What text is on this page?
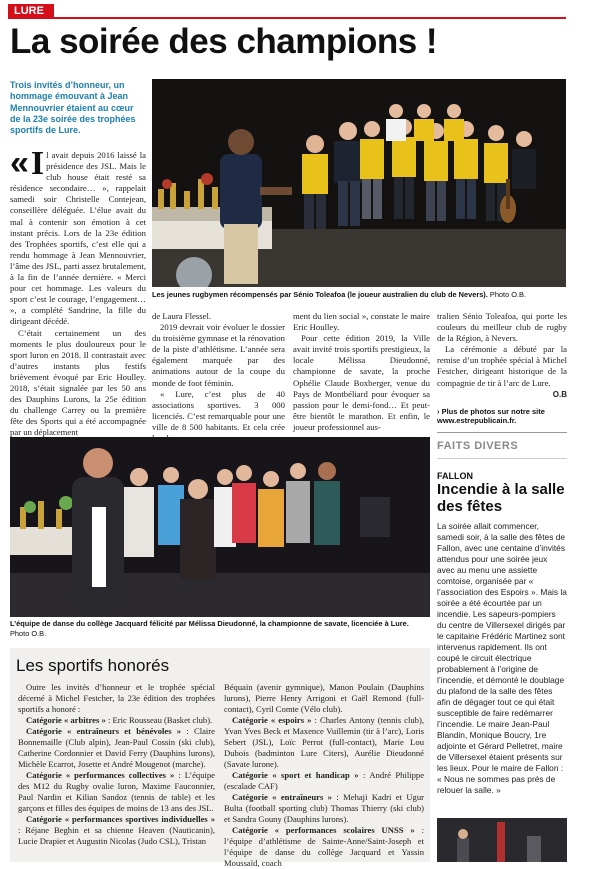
LURE
La soirée des champions !
Trois invités d’honneur, un hommage émouvant à Jean Mennouvrier étaient au cœur de la 23e soirée des trophées sportifs de Lure.
Les jeunes rugbymen récompensés par Sénio Toleafoa (le joueur australien du club de Nevers). Photo O.B.

« I l avait depuis 2016 laissé la présidence des JSL. Mais le club house était resté sa résidence secondaire… », rappelait samedi soir Christelle Contejean, conseillère déléguée. L’élue avait du mal à contenir son émotion à cet instant précis. Lors de la 23e édition des Trophées sportifs, c’est elle qui a rendu hommage à Jean Mennouvrier, l’âme des JSL, parti assez brutalement, à la fin de l’année dernière. « Merci pour cet hommage. Les valeurs du sport c’est le courage, l’engagement… », a complété Sandrine, la fille du dirigeant décédé.

C’était certainement un des moments le plus douloureux pour le sport luron en 2018. Il contrastait avec d’autres instants plus festifs brièvement évoqué par Eric Houlley. 2018, s’était signalée par les 50 ans des Dauphins Lurons, la 25e édition du challenge Carrey ou la première fête des Sports qui a été accompagnée par un déplacement

de Laura Flessel.

2019 devrait voir évoluer le dossier du troisième gymnase et la rénovation de la piste d’athlétisme. L’année sera également marquée par des animations autour de la coupe du monde de foot féminin.

« Lure, c’est plus de 40 associations sportives. 3 000 licenciés. C’est remarquable pour une ville de 8 500 habitants. Et cela crée

ment du lien social », constate le maire Eric Houlley.

Pour cette édition 2019, la Ville avait invité trois sportifs prestigieux, la locale Mélissa Dieudonné, championne de savate, la proche Ophélie Claude Boxberger, venue du Pays de Montbéliard pour évoquer sa passion pour le demi-fond… Et peut-être bientôt le marathon. Et enfin, le joueur professionnel aus-

tralien Sénio Toleafoa, qui porte les couleurs du meilleur club de rugby de la Région, à Nevers.

La cérémonie a débuté par la remise d’un trophée spécial à Michel Festcher, dirigeant historique de la compagnie de tir à l’arc de Lure.

O.B

› Plus de photos sur notre site
www.estrepublicain.fr.
L’équipe de danse du collège Jacquard félicité par Mélissa Dieudonné, la championne de savate, licenciée à Lure. Photo O.B.
FAITS DIVERS
FALLON
Incendie à la salle des fêtes
La soirée allait commencer, samedi soir, à la salle des fêtes de Fallon, avec une centaine d’invités attendus pour une soirée jeux avec au menu une assiette comtoise, organisée par « l’association des Espoirs ». Mais la soirée a été écourtée par un incendie. Les sapeurs-pompiers du centre de Villersexel dirigés par le capitaine Frédéric Martinez sont intervenus rapidement. Ils ont coupé le circuit électrique probablement à l’origine de l’incendie, et démonté le doublage du plafond de la salle des fêtes afin de dégager tout ce qui était susceptible de faire redémarrer l’incendie. Le maire Jean-Paul Blandin, Monique Boucry, 1re adjointe et Gérard Pelletret, maire de Villersexel étaient présents sur les lieux. Pour le maire de Fallon : « Nous ne sommes pas prés de relouer la salle. »
Les sportifs honorés

Outre les invités d’honneur et le trophée spécial décerné à Michel Festcher, la 23e édition des trophées sportifs a honoré :

Catégorie « arbitres » : Eric Rousseau (Basket club).

Catégorie « entraîneurs et bénévoles » : Claire Bonnemaille (Club alpin), Jean-Paul Cossin (ski club), Catherine Cordonnier et David Ferry (Dauphins lurons), Michèle Ecarrot, Josette et André Mougenot (marche).

Catégorie « performances collectives » : L’équipe des M12 du Rugby ovalie luron, Maxime Fauconnier, Paul Nardin et Kilian Sandoz (tennis de table) et les garçons et filles des équipes de moins de 13 ans des JSL.

Catégorie « performances sportives individuelles » : Réjane Beghin et sa chienne Heaven (Nauticanin), Lucie Drapier et Augustin Nicolas (Judo CSL), Tristan

Béquain (avenir gymnique), Manon Poulain (Dauphins lurons), Pierre Henry Arrigoni et Gaël Remond (full-contact), Cyril Comte (Vélo club).

Catégorie « espoirs » : Charles Antony (tennis club), Yvan Yves Beck et Maxence Vuillemin (tir à l’arc), Loris Sebert (JSL), Loïc Perrot (full-contact), Marie Lou Dubois (badminton Lure Citers), Aurélie Dieudonné (Savate lurone).

Catégorie « sport et handicap » : André Philippe (escalade CAF)

Catégorie « entraîneurs » : Mehaji Kadri et Ugur Bulta (football sporting club) Thomas Thierry (ski club) et Sandra Gouny (Dauphins lurons).

Catégorie « performances scolaires UNSS » : l’équipe d’athlétisme de Sainte-Anne/Saint-Joseph et l’équipe de danse du collège Jacquard et Yassin Moussaïd, coach
